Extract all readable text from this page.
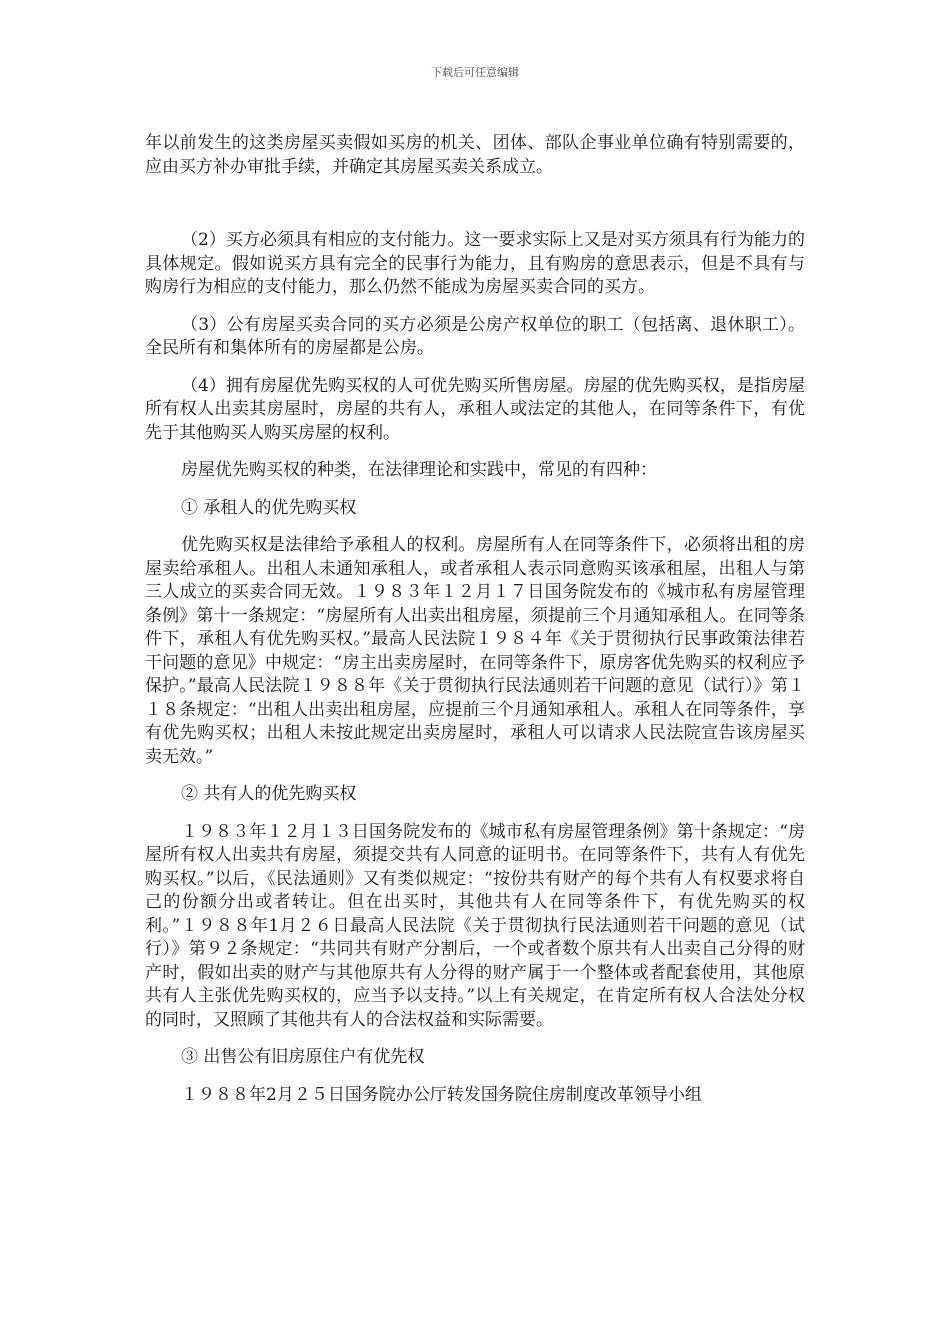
下载后可任意编辑

年以前发生的这类房屋买卖假如买房的机关、团体、部队企事业单位确有特别需要的，应由买方补办审批手续，并确定其房屋买卖关系成立。

（2）买方必须具有相应的支付能力。这一要求实际上又是对买方须具有行为能力的具体规定。假如说买方具有完全的民事行为能力，且有购房的意思表示，但是不具有与购房行为相应的支付能力，那么仍然不能成为房屋买卖合同的买方。

（3）公有房屋买卖合同的买方必须是公房产权单位的职工（包括离、退休职工）。全民所有和集体所有的房屋都是公房。

（4）拥有房屋优先购买权的人可优先购买所售房屋。房屋的优先购买权，是指房屋所有权人出卖其房屋时，房屋的共有人，承租人或法定的其他人，在同等条件下，有优先于其他购买人购买房屋的权利。

房屋优先购买权的种类，在法律理论和实践中，常见的有四种：

① 承租人的优先购买权

优先购买权是法律给予承租人的权利。房屋所有人在同等条件下，必须将出租的房屋卖给承租人。出租人未通知承租人，或者承租人表示同意购买该承租屋，出租人与第三人成立的买卖合同无效。１９８３年１２月１７日国务院发布的《城市私有房屋管理条例》第十一条规定：“房屋所有人出卖出租房屋，须提前三个月通知承租人。在同等条件下，承租人有优先购买权。”最高人民法院１９８４年《关于贯彻执行民事政策法律若干问题的意见》中规定：“房主出卖房屋时，在同等条件下，原房客优先购买的权利应予保护。”最高人民法院１９８８年《关于贯彻执行民法通则若干问题的意见（试行）》第１１８条规定：“出租人出卖出租房屋，应提前三个月通知承租人。承租人在同等条件，享有优先购买权；出租人未按此规定出卖房屋时，承租人可以请求人民法院宣告该房屋买卖无效。”

② 共有人的优先购买权

１９８３年１２月１３日国务院发布的《城市私有房屋管理条例》第十条规定：“房屋所有权人出卖共有房屋，须提交共有人同意的证明书。在同等条件下，共有人有优先购买权。”以后，《民法通则》又有类似规定：“按份共有财产的每个共有人有权要求将自己的份额分出或者转让。但在出买时，其他共有人在同等条件下，有优先购买的权利。”１９８８年1月２６日最高人民法院《关于贯彻执行民法通则若干问题的意见（试行）》第９２条规定：“共同共有财产分割后，一个或者数个原共有人出卖自己分得的财产时，假如出卖的财产与其他原共有人分得的财产属于一个整体或者配套使用，其他原共有人主张优先购买权的，应当予以支持。”以上有关规定，在肯定所有权人合法处分权的同时，又照顾了其他共有人的合法权益和实际需要。

③ 出售公有旧房原住户有优先权

１９８８年2月２５日国务院办公厅转发国务院住房制度改革领导小组
